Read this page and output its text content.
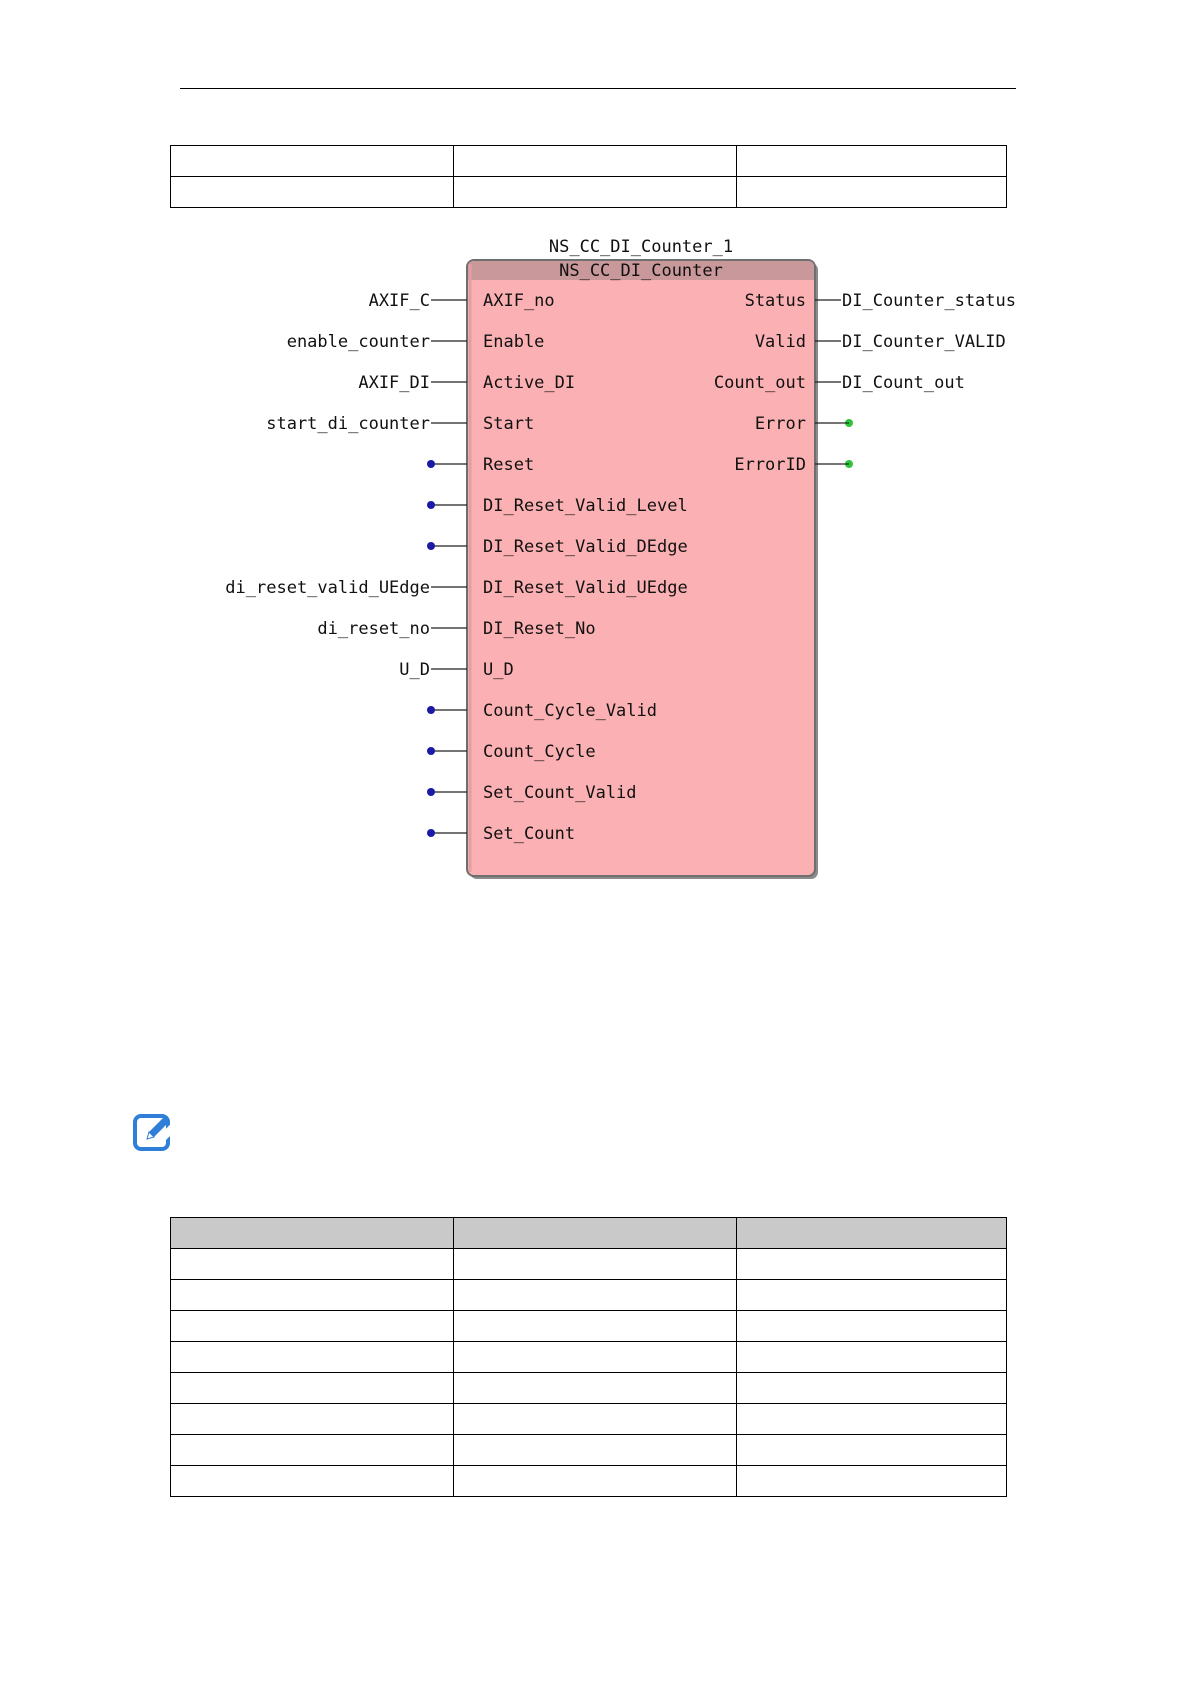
NS_CC_DI_Counter_1
NS_CC_DI_Counter
AXIF_no
AXIF_C
Enable
enable_counter
Active_DI
AXIF_DI
Start
start_di_counter
Reset
DI_Reset_Valid_Level
DI_Reset_Valid_DEdge
DI_Reset_Valid_UEdge
di_reset_valid_UEdge
DI_Reset_No
di_reset_no
U_D
U_D
Count_Cycle_Valid
Count_Cycle
Set_Count_Valid
Set_Count
Status DI_Counter_status
Valid DI_Counter_VALID
Count_out DI_Count_out
Error
ErrorID
